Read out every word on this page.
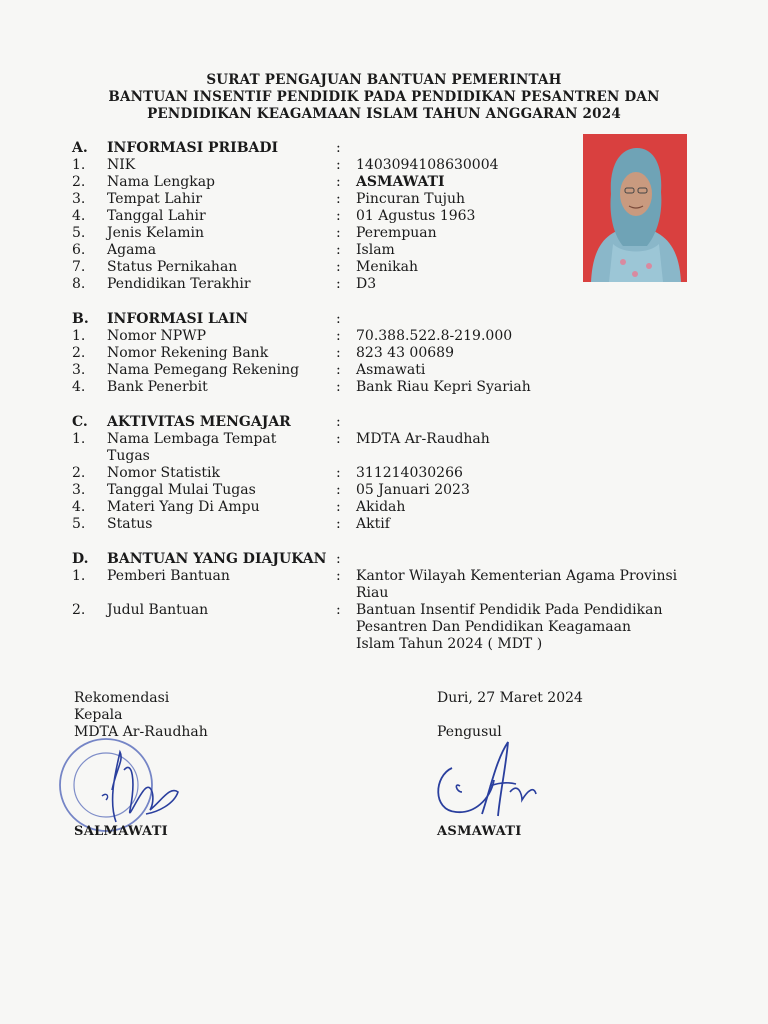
SURAT PENGAJUAN BANTUAN PEMERINTAH
BANTUAN INSENTIF PENDIDIK PADA PENDIDIKAN PESANTREN DAN
PENDIDIKAN KEAGAMAAN ISLAM TAHUN ANGGARAN 2024
A. INFORMASI PRIBADI	:
1. NIK	: 1403094108630004
2. Nama Lengkap	: ASMAWATI
3. Tempat Lahir	: Pincuran Tujuh
4. Tanggal Lahir	: 01 Agustus 1963
5. Jenis Kelamin	: Perempuan
6. Agama	: Islam
7. Status Pernikahan	: Menikah
8. Pendidikan Terakhir	: D3
B. INFORMASI LAIN	:
1. Nomor NPWP	: 70.388.522.8-219.000
2. Nomor Rekening Bank	: 823 43 00689
3. Nama Pemegang Rekening	: Asmawati
4. Bank Penerbit	: Bank Riau Kepri Syariah
C. AKTIVITAS MENGAJAR	:
1. Nama Lembaga Tempat	: MDTA Ar-Raudhah
Tugas
2. Nomor Statistik	: 311214030266
3. Tanggal Mulai Tugas	: 05 Januari 2023
4. Materi Yang Di Ampu	: Akidah
5. Status	: Aktif
D. BANTUAN YANG DIAJUKAN :
1. Pemberi Bantuan	: Kantor Wilayah Kementerian Agama Provinsi
Riau
2. Judul Bantuan	: Bantuan Insentif Pendidik Pada Pendidikan
Pesantren Dan Pendidikan Keagamaan
Islam Tahun 2024 ( MDT )
Rekomendasi
Kepala
MDTA Ar-Raudhah
SALMAWATI
Duri, 27 Maret 2024
Pengusul
ASMAWATI
